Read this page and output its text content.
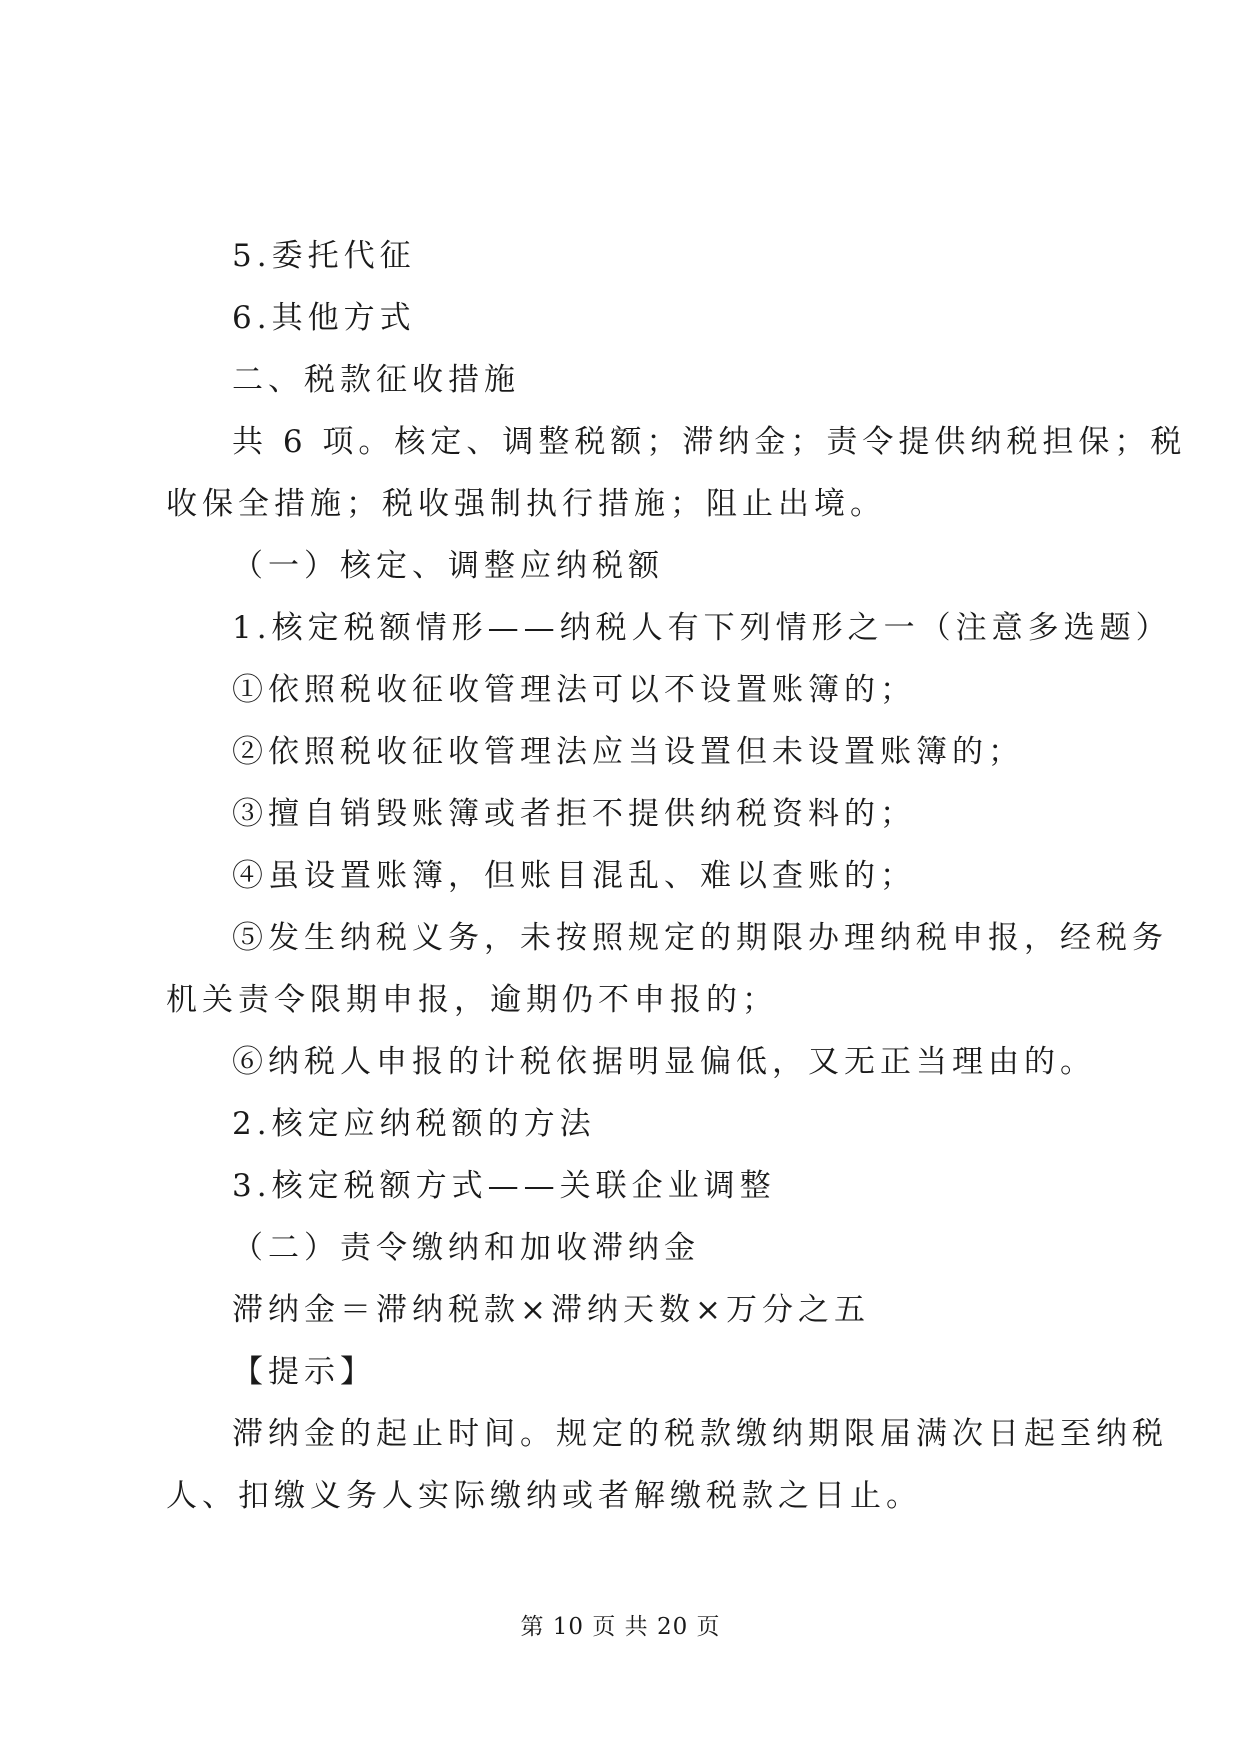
5.委托代征
6.其他方式
二、税款征收措施
共 6 项。核定、调整税额；滞纳金；责令提供纳税担保；税
收保全措施；税收强制执行措施；阻止出境。
（一）核定、调整应纳税额
1.核定税额情形——纳税人有下列情形之一（注意多选题）
①依照税收征收管理法可以不设置账簿的；
②依照税收征收管理法应当设置但未设置账簿的；
③擅自销毁账簿或者拒不提供纳税资料的；
④虽设置账簿，但账目混乱、难以查账的；
⑤发生纳税义务，未按照规定的期限办理纳税申报，经税务
机关责令限期申报，逾期仍不申报的；
⑥纳税人申报的计税依据明显偏低，又无正当理由的。
2.核定应纳税额的方法
3.核定税额方式——关联企业调整
（二）责令缴纳和加收滞纳金
滞纳金＝滞纳税款×滞纳天数×万分之五
【提示】
滞纳金的起止时间。规定的税款缴纳期限届满次日起至纳税
人、扣缴义务人实际缴纳或者解缴税款之日止。
第 10 页 共 20 页
